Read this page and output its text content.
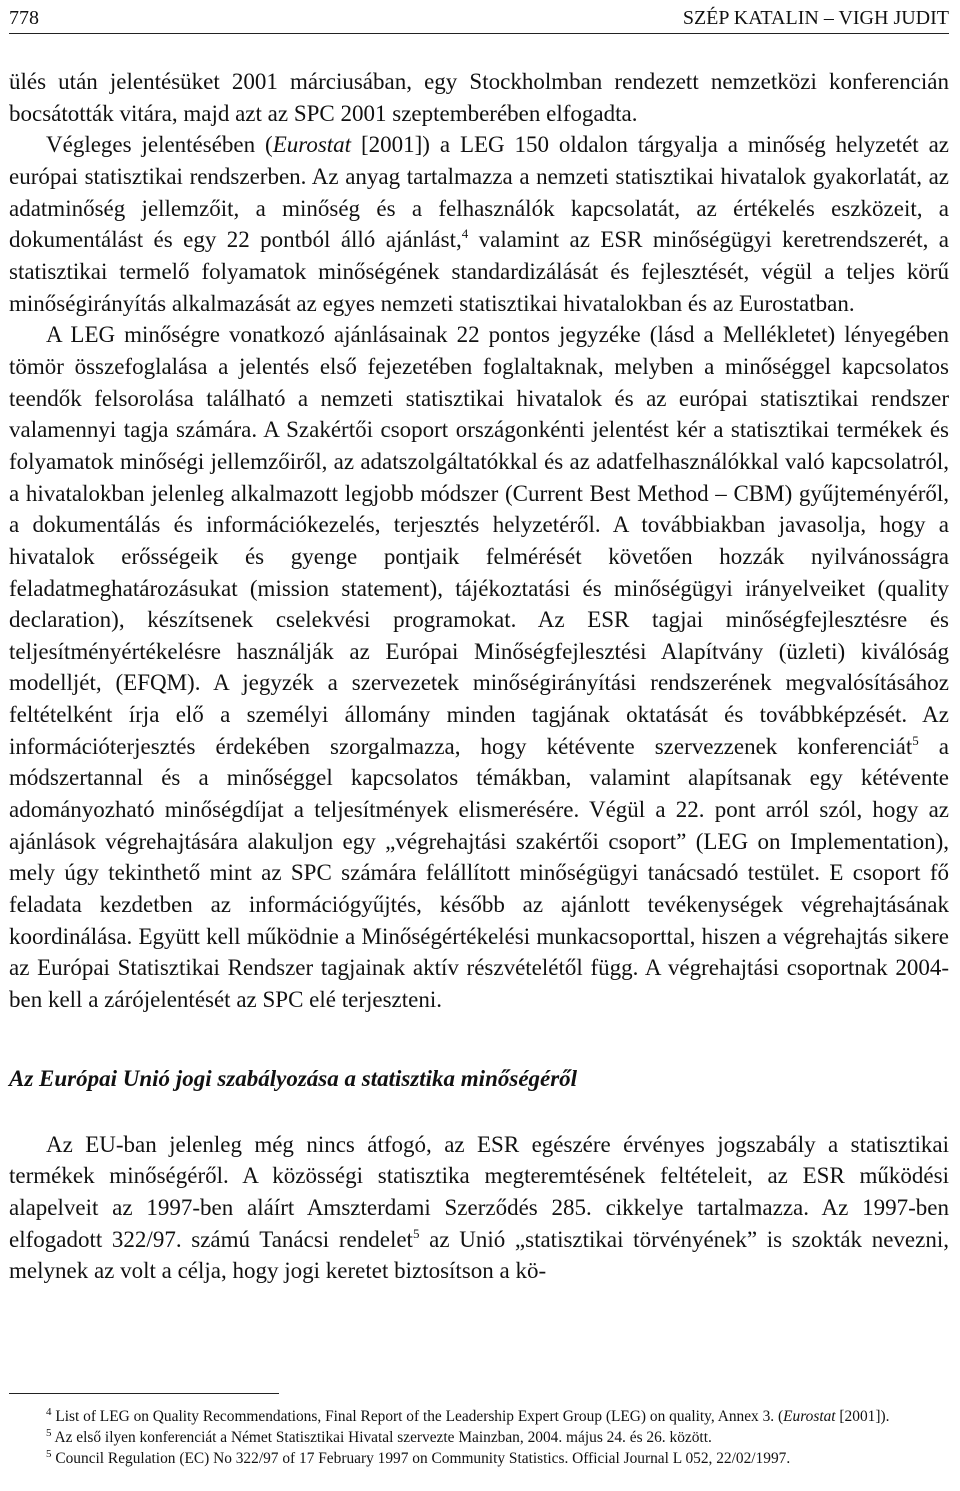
778	SZÉP KATALIN – VIGH JUDIT

ülés után jelentésüket 2001 márciusában, egy Stockholmban rendezett nemzetközi konferencián bocsátották vitára, majd azt az SPC 2001 szeptemberében elfogadta.

Végleges jelentésében (Eurostat [2001]) a LEG 150 oldalon tárgyalja a minőség helyzetét az európai statisztikai rendszerben. Az anyag tartalmazza a nemzeti statisztikai hivatalok gyakorlatát, az adatminőség jellemzőit, a minőség és a felhasználók kapcsolatát, az értékelés eszközeit, a dokumentálást és egy 22 pontból álló ajánlást,$^4$ valamint az ESR minőségügyi keretrendszerét, a statisztikai termelő folyamatok minőségének standardizálását és fejlesztését, végül a teljes körű minőségirányítás alkalmazását az egyes nemzeti statisztikai hivatalokban és az Eurostatban.

A LEG minőségre vonatkozó ajánlásainak 22 pontos jegyzéke (lásd a Mellékletet) lényegében tömör összefoglalása a jelentés első fejezetében foglaltaknak, melyben a minőséggel kapcsolatos teendők felsorolása található a nemzeti statisztikai hivatalok és az európai statisztikai rendszer valamennyi tagja számára. A Szakértői csoport országonkénti jelentést kér a statisztikai termékek és folyamatok minőségi jellemzőiről, az adatszolgáltatókkal és az adatfelhasználókkal való kapcsolatról, a hivatalokban jelenleg alkalmazott legjobb módszer (Current Best Method – CBM) gyűjteményéről, a dokumentálás és információkezelés, terjesztés helyzetéről. A továbbiakban javasolja, hogy a hivatalok erősségeik és gyenge pontjaik felmérését követően hozzák nyilvánosságra feladatmeghatározásukat (mission statement), tájékoztatási és minőségügyi irányelveiket (quality declaration), készítsenek cselekvési programokat. Az ESR tagjai minőségfejlesztésre és teljesítményértékelésre használják az Európai Minőségfejlesztési Alapítvány (üzleti) kiválóság modelljét, (EFQM). A jegyzék a szervezetek minőségirányítási rendszerének megvalósításához feltételként írja elő a személyi állomány minden tagjának oktatását és továbbképzését. Az információterjesztés érdekében szorgalmazza, hogy kétévente szervezzenek konferenciát$^5$ a módszertannal és a minőséggel kapcsolatos témákban, valamint alapítsanak egy kétévente adományozható minőségdíjat a teljesítmények elismerésére. Végül a 22. pont arról szól, hogy az ajánlások végrehajtására alakuljon egy „végrehajtási szakértői csoport” (LEG on Implementation), mely úgy tekinthető mint az SPC számára felállított minőségügyi tanácsadó testület. E csoport fő feladata kezdetben az információgyűjtés, később az ajánlott tevékenységek végrehajtásának koordinálása. Együtt kell működnie a Minőségértékelési munkacsoporttal, hiszen a végrehajtás sikere az Európai Statisztikai Rendszer tagjainak aktív részvételétől függ. A végrehajtási csoportnak 2004-ben kell a zárójelentését az SPC elé terjeszteni.

Az Európai Unió jogi szabályozása a statisztika minőségéről

Az EU-ban jelenleg még nincs átfogó, az ESR egészére érvényes jogszabály a statisztikai termékek minőségéről. A közösségi statisztika megteremtésének feltételeit, az ESR működési alapelveit az 1997-ben aláírt Amszterdami Szerződés 285. cikkelye tartalmazza. Az 1997-ben elfogadott 322/97. számú Tanácsi rendelet$^5$ az Unió „statisztikai törvényének” is szokták nevezni, melynek az volt a célja, hogy jogi keretet biztosítson a kö-

$^4$ List of LEG on Quality Recommendations, Final Report of the Leadership Expert Group (LEG) on quality, Annex 3. (Eurostat [2001]).

$^5$ Az első ilyen konferenciát a Német Statisztikai Hivatal szervezte Mainzban, 2004. május 24. és 26. között.

$^5$ Council Regulation (EC) No 322/97 of 17 February 1997 on Community Statistics. Official Journal L 052, 22/02/1997.
